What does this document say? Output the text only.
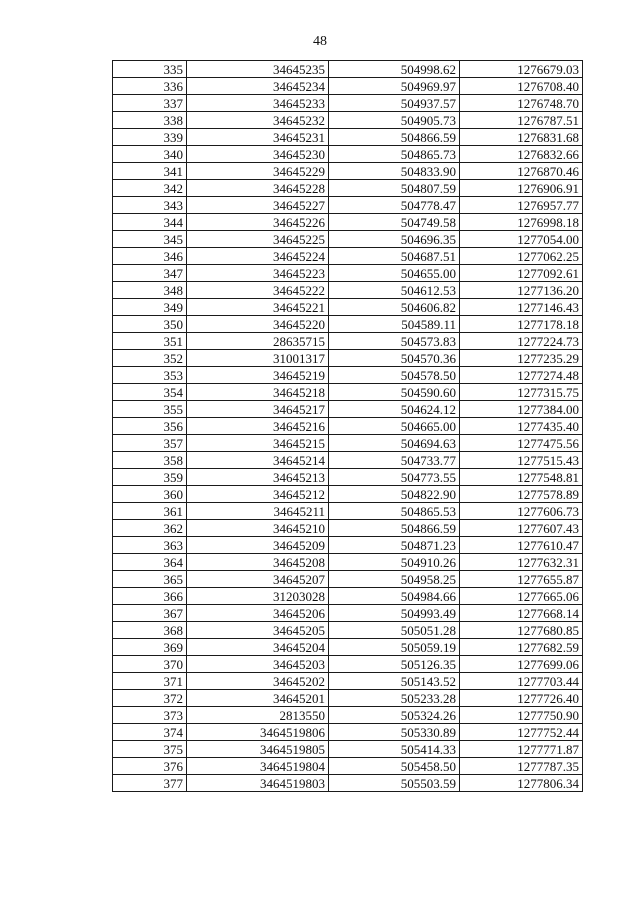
48
335	34645235	504998.62	1276679.03
336	34645234	504969.97	1276708.40
337	34645233	504937.57	1276748.70
338	34645232	504905.73	1276787.51
339	34645231	504866.59	1276831.68
340	34645230	504865.73	1276832.66
341	34645229	504833.90	1276870.46
342	34645228	504807.59	1276906.91
343	34645227	504778.47	1276957.77
344	34645226	504749.58	1276998.18
345	34645225	504696.35	1277054.00
346	34645224	504687.51	1277062.25
347	34645223	504655.00	1277092.61
348	34645222	504612.53	1277136.20
349	34645221	504606.82	1277146.43
350	34645220	504589.11	1277178.18
351	28635715	504573.83	1277224.73
352	31001317	504570.36	1277235.29
353	34645219	504578.50	1277274.48
354	34645218	504590.60	1277315.75
355	34645217	504624.12	1277384.00
356	34645216	504665.00	1277435.40
357	34645215	504694.63	1277475.56
358	34645214	504733.77	1277515.43
359	34645213	504773.55	1277548.81
360	34645212	504822.90	1277578.89
361	34645211	504865.53	1277606.73
362	34645210	504866.59	1277607.43
363	34645209	504871.23	1277610.47
364	34645208	504910.26	1277632.31
365	34645207	504958.25	1277655.87
366	31203028	504984.66	1277665.06
367	34645206	504993.49	1277668.14
368	34645205	505051.28	1277680.85
369	34645204	505059.19	1277682.59
370	34645203	505126.35	1277699.06
371	34645202	505143.52	1277703.44
372	34645201	505233.28	1277726.40
373	2813550	505324.26	1277750.90
374	3464519806	505330.89	1277752.44
375	3464519805	505414.33	1277771.87
376	3464519804	505458.50	1277787.35
377	3464519803	505503.59	1277806.34
